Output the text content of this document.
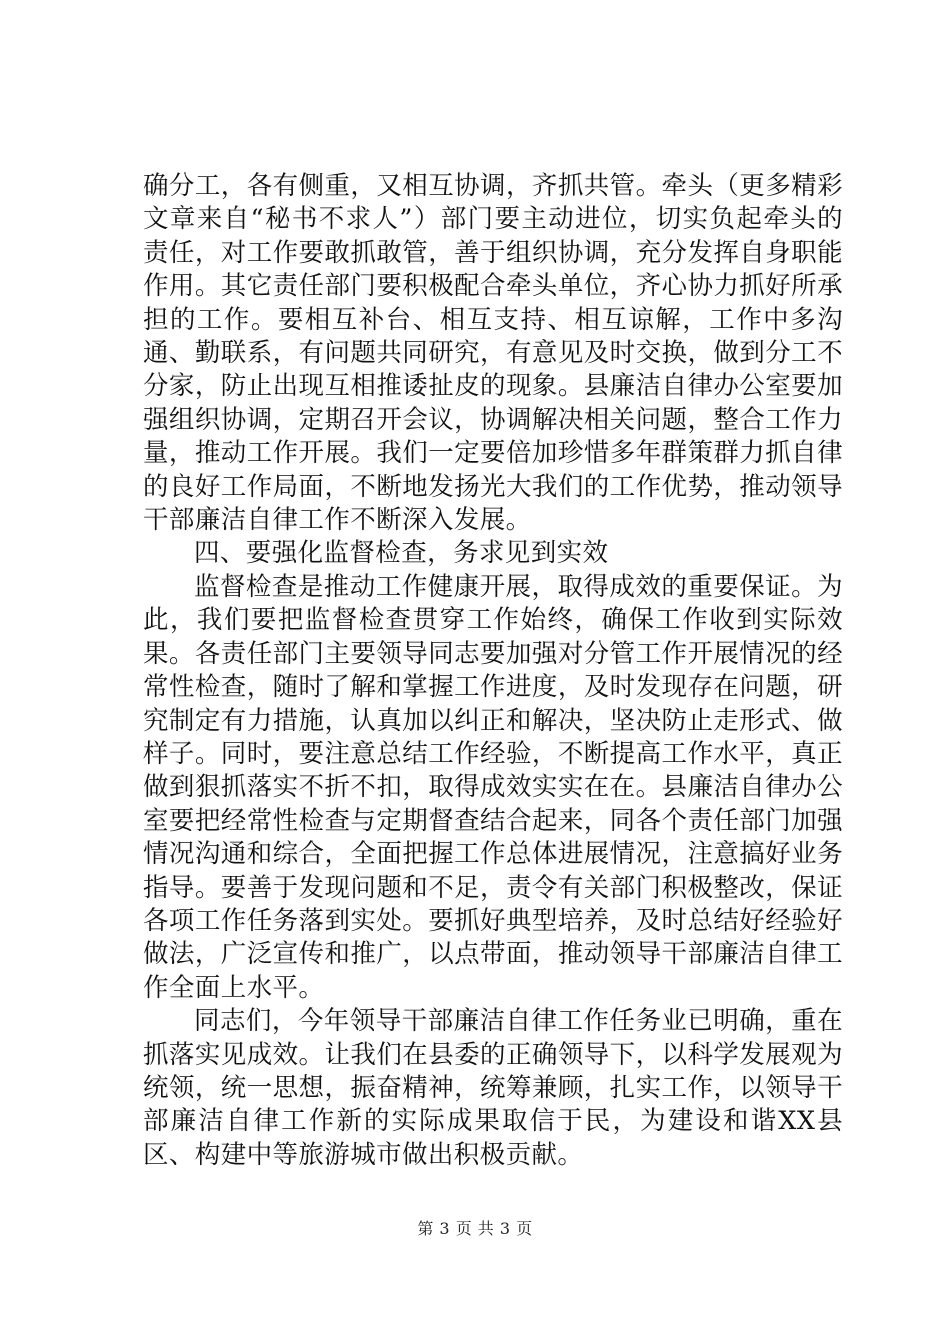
确分工，各有侧重，又相互协调，齐抓共管。牵头（更多精彩文章来自“秘书不求人”）部门要主动进位，切实负起牵头的责任，对工作要敢抓敢管，善于组织协调，充分发挥自身职能作用。其它责任部门要积极配合牵头单位，齐心协力抓好所承担的工作。要相互补台、相互支持、相互谅解，工作中多沟通、勤联系，有问题共同研究，有意见及时交换，做到分工不分家，防止出现互相推诿扯皮的现象。县廉洁自律办公室要加强组织协调，定期召开会议，协调解决相关问题，整合工作力量，推动工作开展。我们一定要倍加珍惜多年群策群力抓自律的良好工作局面，不断地发扬光大我们的工作优势，推动领导干部廉洁自律工作不断深入发展。

四、要强化监督检查，务求见到实效

监督检查是推动工作健康开展，取得成效的重要保证。为此，我们要把监督检查贯穿工作始终，确保工作收到实际效果。各责任部门主要领导同志要加强对分管工作开展情况的经常性检查，随时了解和掌握工作进度，及时发现存在问题，研究制定有力措施，认真加以纠正和解决，坚决防止走形式、做样子。同时，要注意总结工作经验，不断提高工作水平，真正做到狠抓落实不折不扣，取得成效实实在在。县廉洁自律办公室要把经常性检查与定期督查结合起来，同各个责任部门加强情况沟通和综合，全面把握工作总体进展情况，注意搞好业务指导。要善于发现问题和不足，责令有关部门积极整改，保证各项工作任务落到实处。要抓好典型培养，及时总结好经验好做法，广泛宣传和推广，以点带面，推动领导干部廉洁自律工作全面上水平。

同志们，今年领导干部廉洁自律工作任务业已明确，重在抓落实见成效。让我们在县委的正确领导下，以科学发展观为统领，统一思想，振奋精神，统筹兼顾，扎实工作，以领导干部廉洁自律工作新的实际成果取信于民，为建设和谐XX县区、构建中等旅游城市做出积极贡献。

第 3 页 共 3 页
